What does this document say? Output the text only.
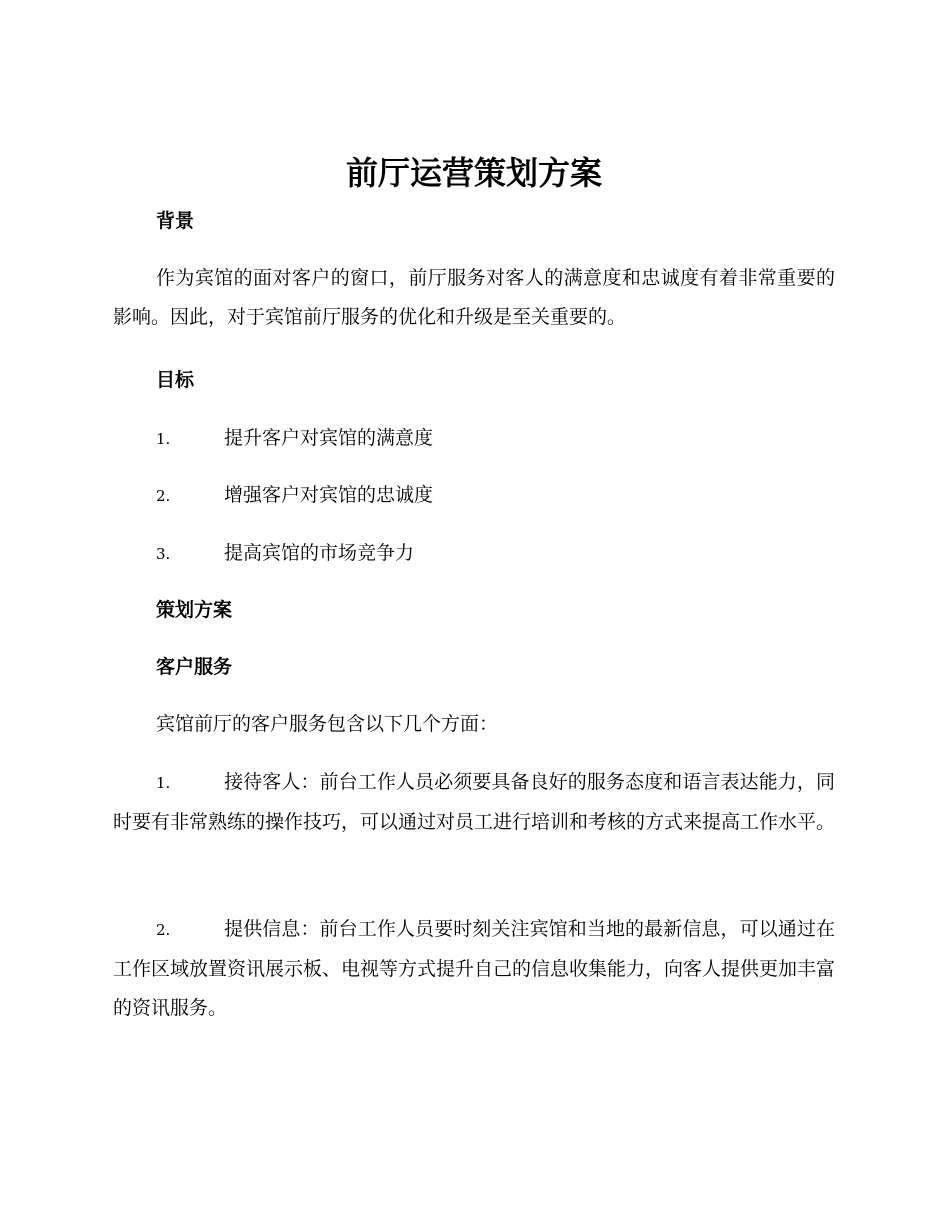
前厅运营策划方案
背景
作为宾馆的面对客户的窗口，前厅服务对客人的满意度和忠诚度有着非常重要的影响。因此，对于宾馆前厅服务的优化和升级是至关重要的。
目标
1.	提升客户对宾馆的满意度
2.	增强客户对宾馆的忠诚度
3.	提高宾馆的市场竞争力
策划方案
客户服务
宾馆前厅的客户服务包含以下几个方面：
1.	接待客人：前台工作人员必须要具备良好的服务态度和语言表达能力，同时要有非常熟练的操作技巧，可以通过对员工进行培训和考核的方式来提高工作水平。
2.	提供信息：前台工作人员要时刻关注宾馆和当地的最新信息，可以通过在工作区域放置资讯展示板、电视等方式提升自己的信息收集能力，向客人提供更加丰富的资讯服务。
